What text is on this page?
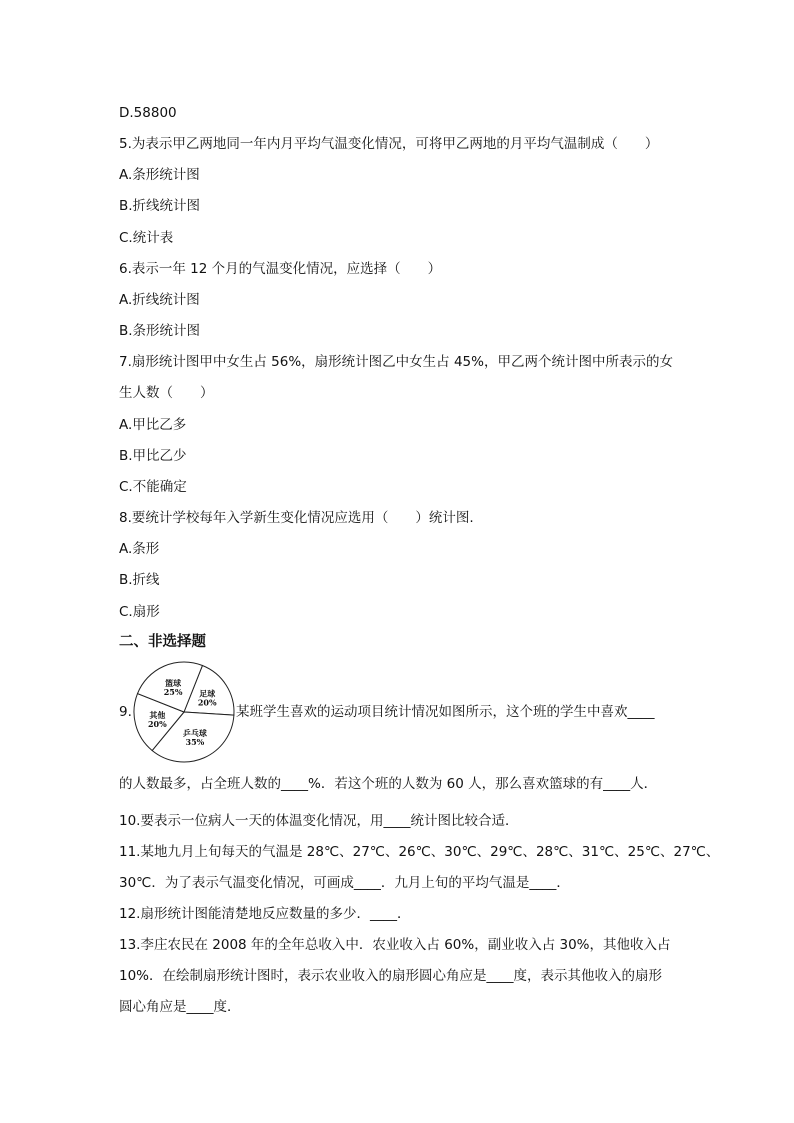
D.58800
5.为表示甲乙两地同一年内月平均气温变化情况，可将甲乙两地的月平均气温制成（　　）
A.条形统计图
B.折线统计图
C.统计表
6.表示一年 12 个月的气温变化情况，应选择（　　）
A.折线统计图
B.条形统计图
7.扇形统计图甲中女生占 56%，扇形统计图乙中女生占 45%，甲乙两个统计图中所表示的女
生人数（　　）
A.甲比乙多
B.甲比乙少
C.不能确定
8.要统计学校每年入学新生变化情况应选用（　　）统计图.
A.条形
B.折线
C.扇形
二、非选择题
9.
足球
20%
乒乓球
35%
其他
20%
篮球
25%
某班学生喜欢的运动项目统计情况如图所示，这个班的学生中喜欢____
的人数最多，占全班人数的____%．若这个班的人数为 60 人，那么喜欢篮球的有____人．
10.要表示一位病人一天的体温变化情况，用____统计图比较合适．
11.某地九月上旬每天的气温是 28℃、27℃、26℃、30℃、29℃、28℃、31℃、25℃、27℃、
30℃．为了表示气温变化情况，可画成____．九月上旬的平均气温是____．
12.扇形统计图能清楚地反应数量的多少．____．
13.李庄农民在 2008 年的全年总收入中．农业收入占 60%，副业收入占 30%，其他收入占
10%．在绘制扇形统计图时，表示农业收入的扇形圆心角应是____度，表示其他收入的扇形
圆心角应是____度．
